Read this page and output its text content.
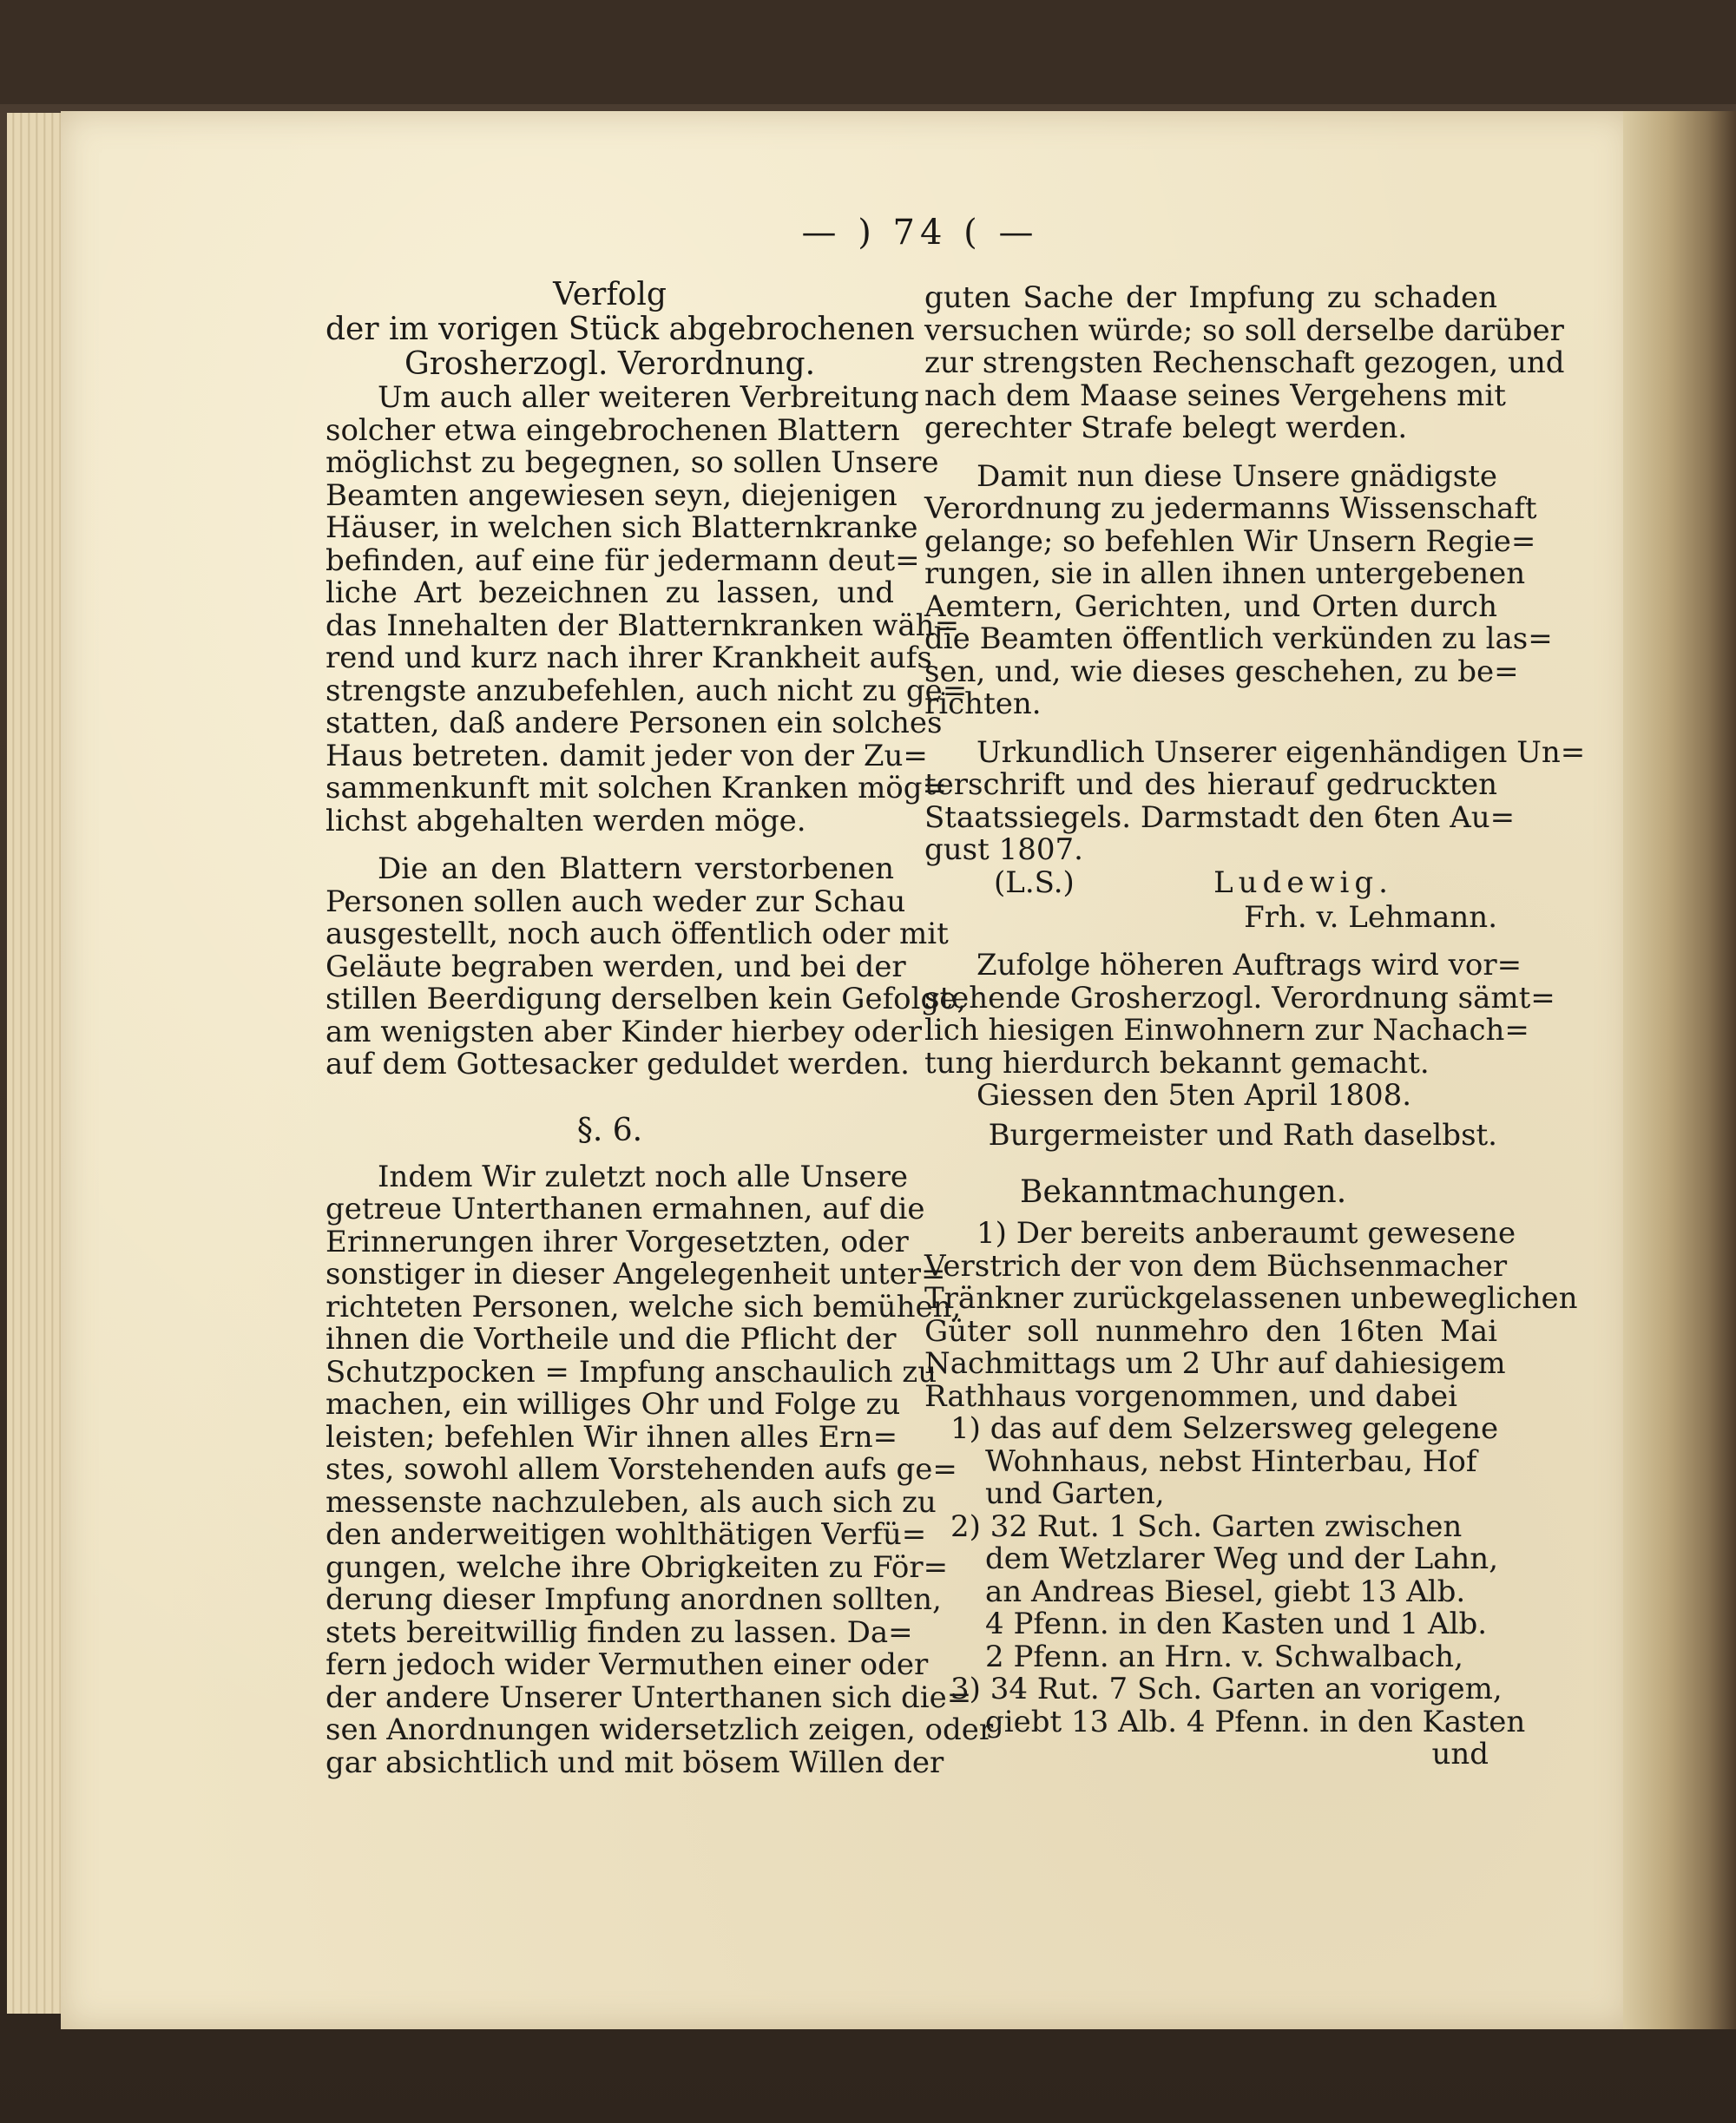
— ) 74 ( —
Verfolg
der im vorigen Stück abgebrochenen
Grosherzogl. Verordnung.
Um auch aller weiteren Verbreitung
solcher etwa eingebrochenen Blattern
möglichst zu begegnen, so sollen Unsere
Beamten angewiesen seyn, diejenigen
Häuser, in welchen sich Blatternkranke
befinden, auf eine für jedermann deut=
liche Art bezeichnen zu lassen, und
das Innehalten der Blatternkranken wäh=
rend und kurz nach ihrer Krankheit aufs
strengste anzubefehlen, auch nicht zu ge=
statten, daß andere Personen ein solches
Haus betreten. damit jeder von der Zu=
sammenkunft mit solchen Kranken mög=
lichst abgehalten werden möge.
Die an den Blattern verstorbenen
Personen sollen auch weder zur Schau
ausgestellt, noch auch öffentlich oder mit
Geläute begraben werden, und bei der
stillen Beerdigung derselben kein Gefolge,
am wenigsten aber Kinder hierbey oder
auf dem Gottesacker geduldet werden.
§. 6.
Indem Wir zuletzt noch alle Unsere
getreue Unterthanen ermahnen, auf die
Erinnerungen ihrer Vorgesetzten, oder
sonstiger in dieser Angelegenheit unter=
richteten Personen, welche sich bemühen,
ihnen die Vortheile und die Pflicht der
Schutzpocken = Impfung anschaulich zu
machen, ein williges Ohr und Folge zu
leisten; befehlen Wir ihnen alles Ern=
stes, sowohl allem Vorstehenden aufs ge=
messenste nachzuleben, als auch sich zu
den anderweitigen wohlthätigen Verfü=
gungen, welche ihre Obrigkeiten zu För=
derung dieser Impfung anordnen sollten,
stets bereitwillig finden zu lassen. Da=
fern jedoch wider Vermuthen einer oder
der andere Unserer Unterthanen sich die=
sen Anordnungen widersetzlich zeigen, oder
gar absichtlich und mit bösem Willen der
guten Sache der Impfung zu schaden
versuchen würde; so soll derselbe darüber
zur strengsten Rechenschaft gezogen, und
nach dem Maase seines Vergehens mit
gerechter Strafe belegt werden.
Damit nun diese Unsere gnädigste
Verordnung zu jedermanns Wissenschaft
gelange; so befehlen Wir Unsern Regie=
rungen, sie in allen ihnen untergebenen
Aemtern, Gerichten, und Orten durch
die Beamten öffentlich verkünden zu las=
sen, und, wie dieses geschehen, zu be=
richten.
Urkundlich Unserer eigenhändigen Un=
terschrift und des hierauf gedruckten
Staatssiegels. Darmstadt den 6ten Au=
gust 1807.
(L.S.)	Ludewig.
Frh. v. Lehmann.
Zufolge höheren Auftrags wird vor=
stehende Grosherzogl. Verordnung sämt=
lich hiesigen Einwohnern zur Nachach=
tung hierdurch bekannt gemacht.
Giessen den 5ten April 1808.
Burgermeister und Rath daselbst.
Bekanntmachungen.
1) Der bereits anberaumt gewesene
Verstrich der von dem Büchsenmacher
Tränkner zurückgelassenen unbeweglichen
Güter soll nunmehro den 16ten Mai
Nachmittags um 2 Uhr auf dahiesigem
Rathhaus vorgenommen, und dabei
1) das auf dem Selzersweg gelegene
Wohnhaus, nebst Hinterbau, Hof
und Garten,
2) 32 Rut. 1 Sch. Garten zwischen
dem Wetzlarer Weg und der Lahn,
an Andreas Biesel, giebt 13 Alb.
4 Pfenn. in den Kasten und 1 Alb.
2 Pfenn. an Hrn. v. Schwalbach,
3) 34 Rut. 7 Sch. Garten an vorigem,
giebt 13 Alb. 4 Pfenn. in den Kasten
und
